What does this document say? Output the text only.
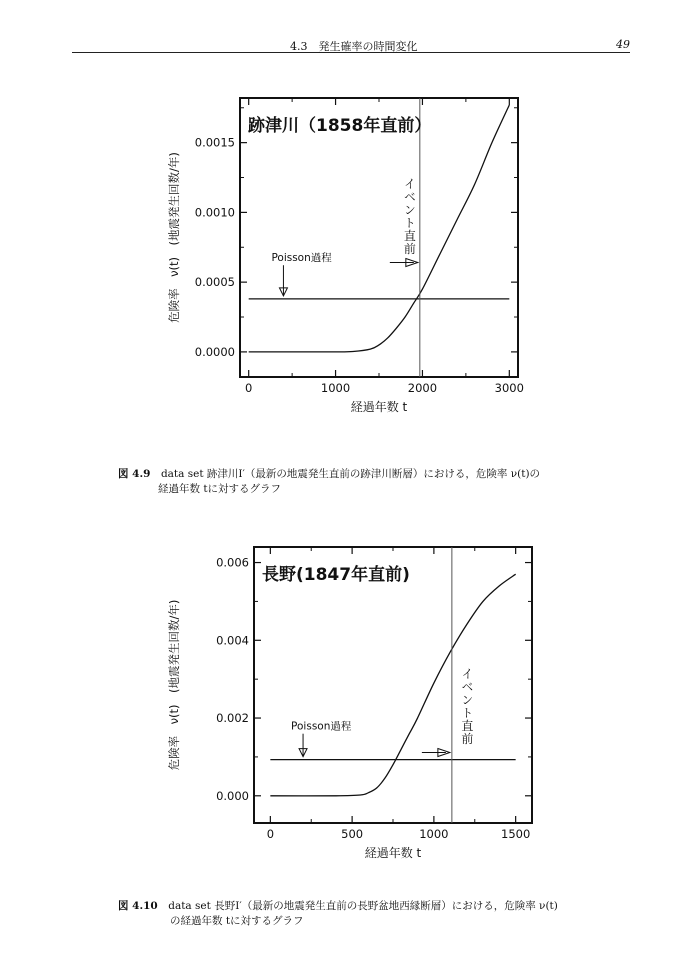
4.3　発生確率の時間変化	49
0	1000	2000	3000
0.0000
0.0005
0.0010
0.0015
跡津川（1858年直前）
Poisson過程
イベント直前
経過年数 t
危険率　ν(t)　(地震発生回数/年)
図 4.9　 data set 跡津川I′（最新の地震発生直前の跡津川断層）における，危険率 ν(t)の
経過年数 tに対するグラフ
0	500	1000	1500
0.000
0.002
0.004
0.006
長野(1847年直前)
Poisson過程	イベント直前
経過年数 t
危険率　ν(t)　(地震発生回数/年)
図 4.10　 data set 長野I′（最新の地震発生直前の長野盆地西縁断層）における，危険率 ν(t)
の経過年数 tに対するグラフ
